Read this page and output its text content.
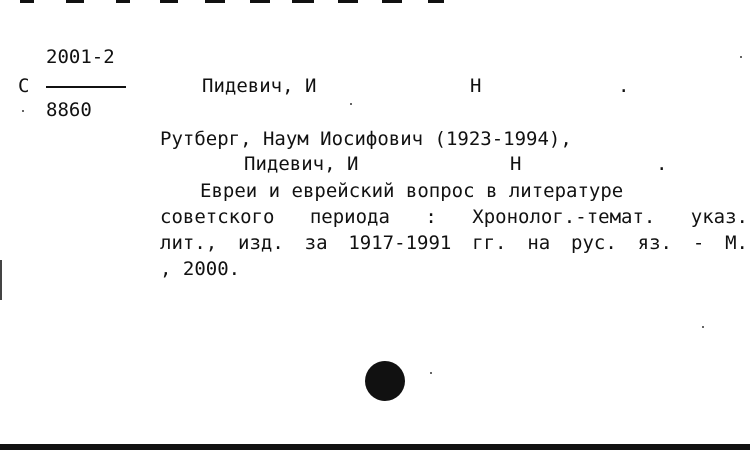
C
2001-2
8860
Пидевич, И	Н	.
Рутберг, Наум Иосифович (1923-1994),
Пидевич, И	Н	.
Евреи и еврейский вопрос в литературе
советского периода : Хронолог.-темат. указ.
лит., изд. за 1917-1991 гг. на рус. яз. - М.
, 2000.
